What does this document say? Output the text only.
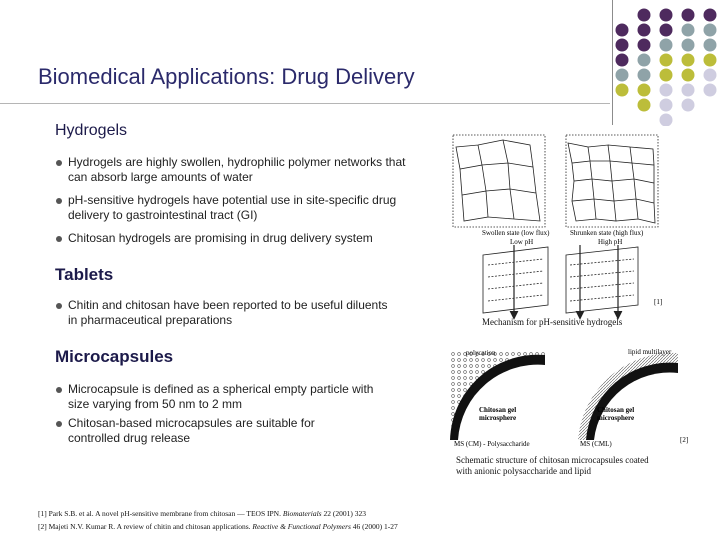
Biomedical Applications: Drug Delivery
Hydrogels
Hydrogels are highly swollen, hydrophilic polymer networks that can absorb large amounts of water
pH-sensitive hydrogels have potential use in site-specific drug delivery to gastrointestinal tract (GI)
Chitosan hydrogels are promising in drug delivery system
Tablets
Chitin and chitosan have been reported to be useful diluents in pharmaceutical preparations
Microcapsules
Microcapsule is defined as a spherical empty particle with size varying from 50 nm to 2 mm
Chitosan-based microcapsules are suitable for controlled drug release
Swollen state (low flux)
Low pH
Shrunken state (high flux)
High pH
[1]
Mechanism for pH-sensitive hydrogels
polycation
Chitosan gel
microsphere
MS (CM) - Polysaccharide
lipid multilayer
Chitosan gel
microsphere
MS (CML)	[2]
Schematic structure of chitosan microcapsules coated
with anionic polysaccharide and lipid
[1] Park S.B. et al. A novel pH-sensitive membrane from chitosan — TEOS IPN. Biomaterials 22 (2001) 323
[2] Majeti N.V. Kumar R. A review of chitin and chitosan applications. Reactive & Functional Polymers 46 (2000) 1-27
